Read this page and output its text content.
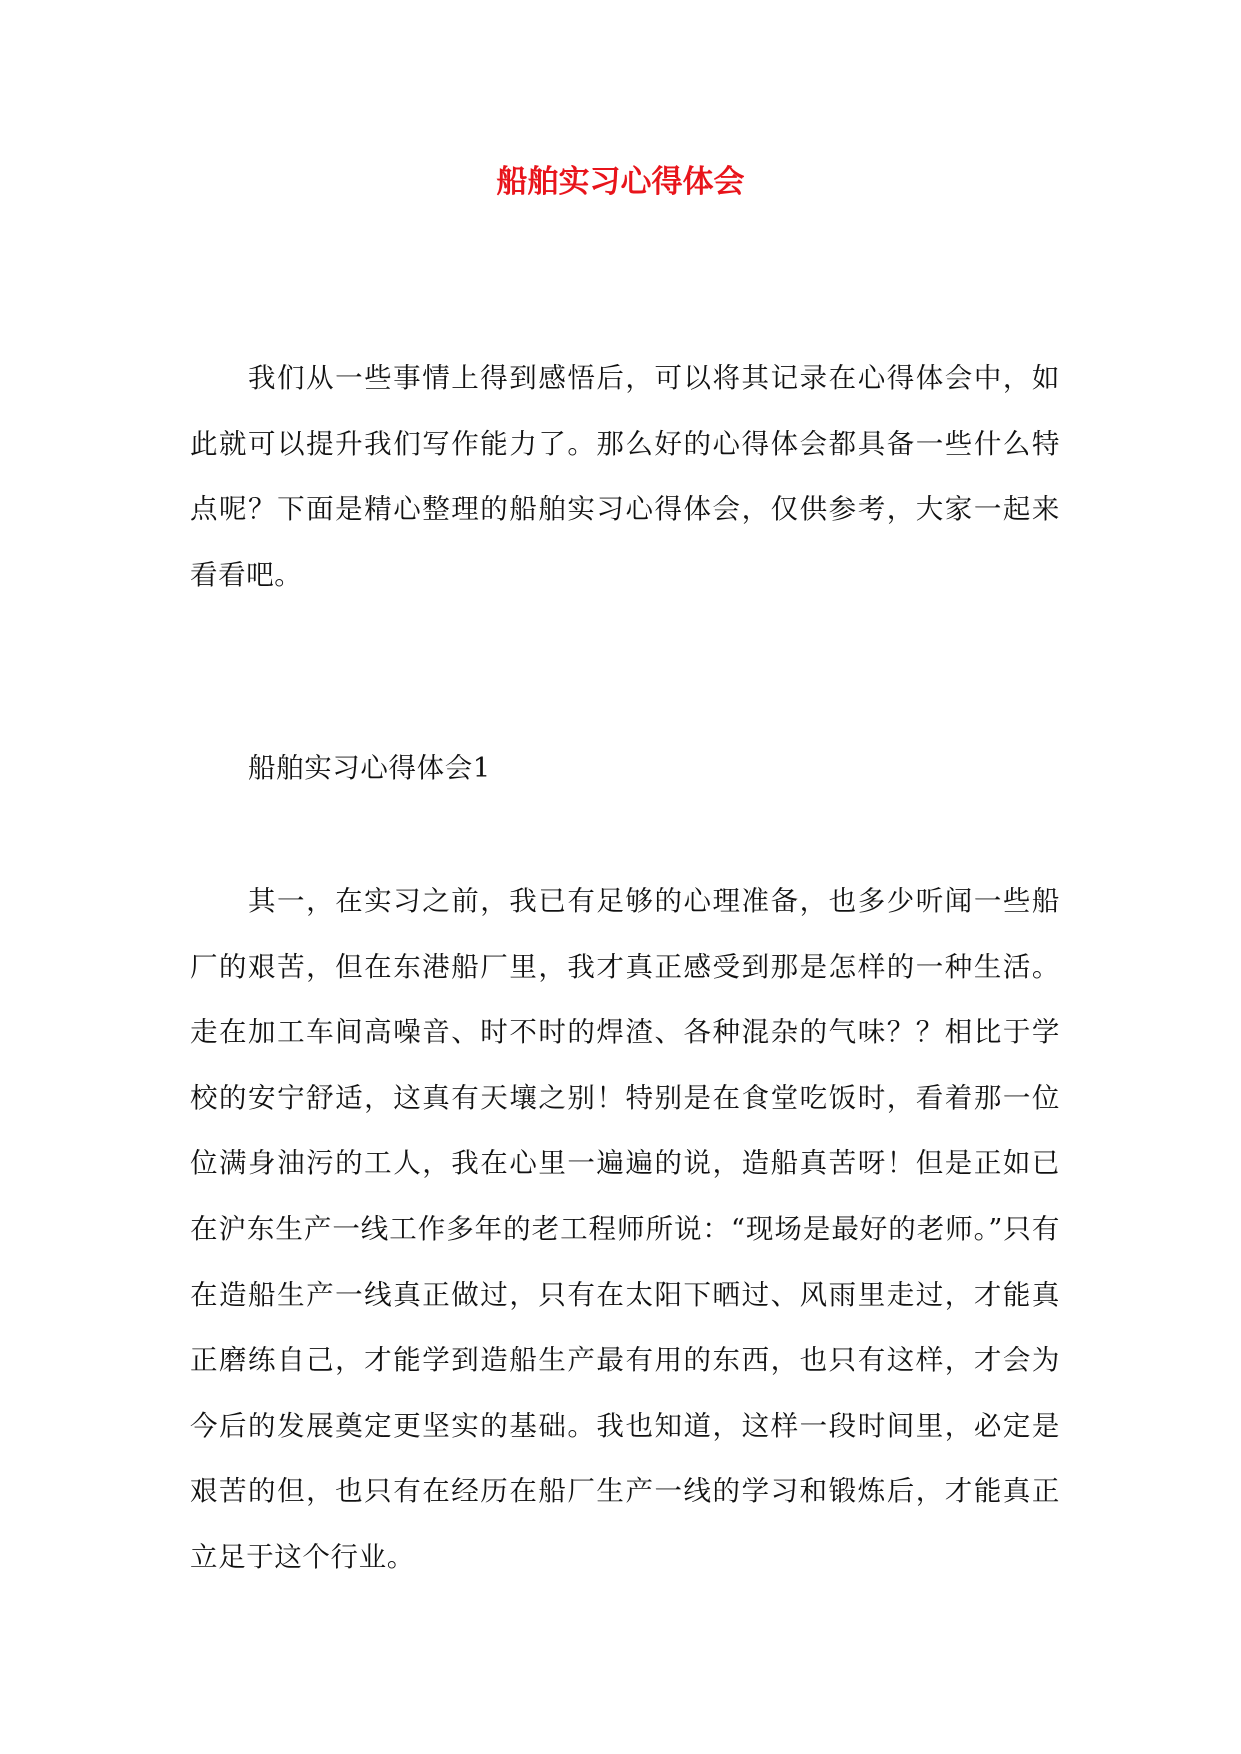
船舶实习心得体会

我们从一些事情上得到感悟后，可以将其记录在心得体会中，如此就可以提升我们写作能力了。那么好的心得体会都具备一些什么特点呢？下面是精心整理的船舶实习心得体会，仅供参考，大家一起来看看吧。

船舶实习心得体会1

其一，在实习之前，我已有足够的心理准备，也多少听闻一些船厂的艰苦，但在东港船厂里，我才真正感受到那是怎样的一种生活。走在加工车间高噪音、时不时的焊渣、各种混杂的气味？？相比于学校的安宁舒适，这真有天壤之别！特别是在食堂吃饭时，看着那一位位满身油污的工人，我在心里一遍遍的说，造船真苦呀！但是正如已在沪东生产一线工作多年的老工程师所说：“现场是最好的老师。”只有在造船生产一线真正做过，只有在太阳下晒过、风雨里走过，才能真正磨练自己，才能学到造船生产最有用的东西，也只有这样，才会为今后的发展奠定更坚实的基础。我也知道，这样一段时间里，必定是艰苦的但，也只有在经历在船厂生产一线的学习和锻炼后，才能真正立足于这个行业。
